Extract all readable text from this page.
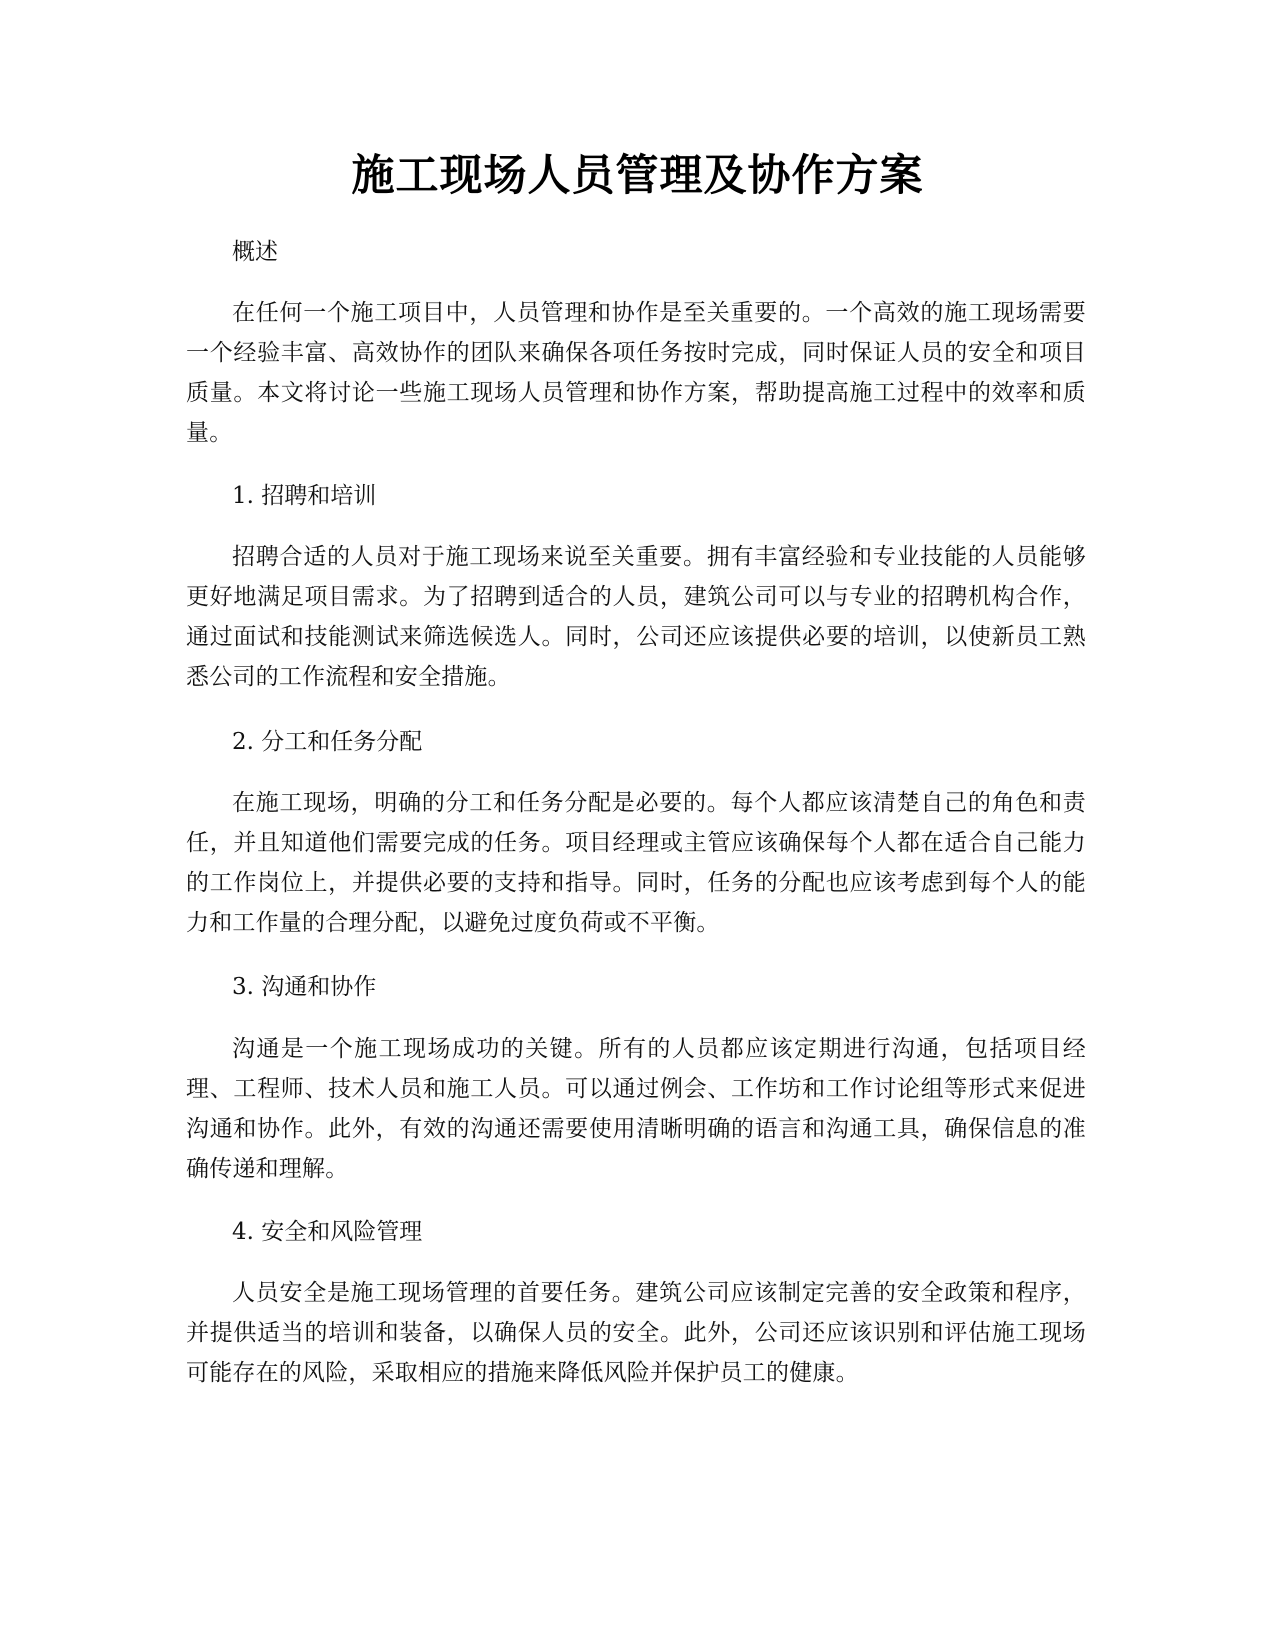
施工现场人员管理及协作方案

概述

在任何一个施工项目中，人员管理和协作是至关重要的。一个高效的施工现场需要一个经验丰富、高效协作的团队来确保各项任务按时完成，同时保证人员的安全和项目质量。本文将讨论一些施工现场人员管理和协作方案，帮助提高施工过程中的效率和质量。

1. 招聘和培训

招聘合适的人员对于施工现场来说至关重要。拥有丰富经验和专业技能的人员能够更好地满足项目需求。为了招聘到适合的人员，建筑公司可以与专业的招聘机构合作，通过面试和技能测试来筛选候选人。同时，公司还应该提供必要的培训，以使新员工熟悉公司的工作流程和安全措施。

2. 分工和任务分配

在施工现场，明确的分工和任务分配是必要的。每个人都应该清楚自己的角色和责任，并且知道他们需要完成的任务。项目经理或主管应该确保每个人都在适合自己能力的工作岗位上，并提供必要的支持和指导。同时，任务的分配也应该考虑到每个人的能力和工作量的合理分配，以避免过度负荷或不平衡。

3. 沟通和协作

沟通是一个施工现场成功的关键。所有的人员都应该定期进行沟通，包括项目经理、工程师、技术人员和施工人员。可以通过例会、工作坊和工作讨论组等形式来促进沟通和协作。此外，有效的沟通还需要使用清晰明确的语言和沟通工具，确保信息的准确传递和理解。

4. 安全和风险管理

人员安全是施工现场管理的首要任务。建筑公司应该制定完善的安全政策和程序，并提供适当的培训和装备，以确保人员的安全。此外，公司还应该识别和评估施工现场可能存在的风险，采取相应的措施来降低风险并保护员工的健康。
